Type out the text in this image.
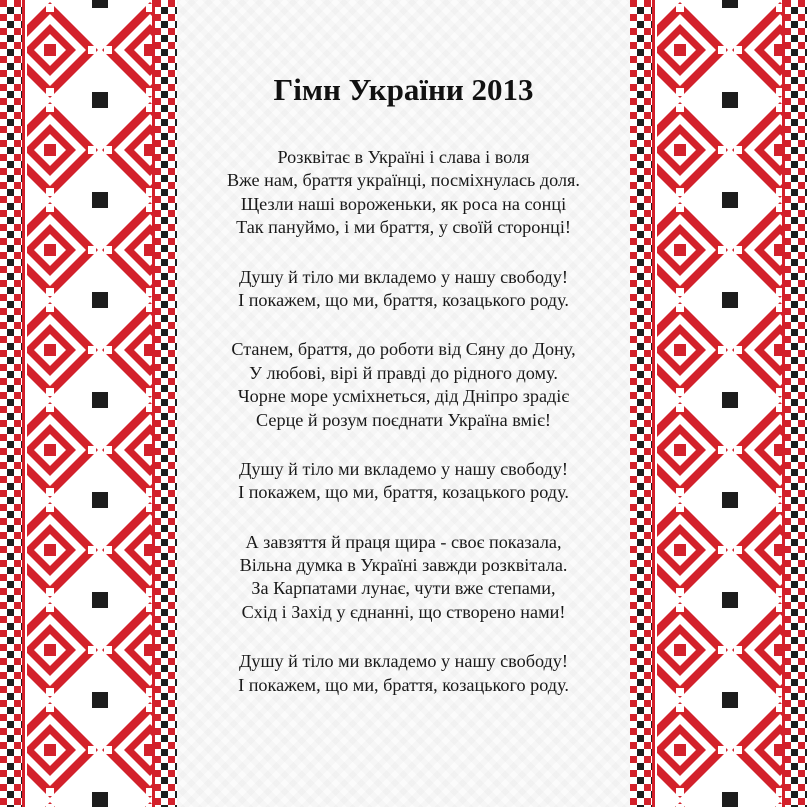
Гімн України 2013
Розквітає в Україні і слава і воля
Вже нам, браття українці, посміхнулась доля.
Щезли наші вороженьки, як роса на сонці
Так пануймо, і ми браття, у своїй сторонці!
Душу й тіло ми вкладемо у нашу свободу!
І покажем, що ми, браття, козацького роду.
Станем, браття, до роботи від Сяну до Дону,
У любові, вірі й правді до рідного дому.
Чорне море усміхнеться, дід Дніпро зрадіє
Серце й розум поєднати Україна вміє!
Душу й тіло ми вкладемо у нашу свободу!
І покажем, що ми, браття, козацького роду.
А завзяття й праця щира - своє показала,
Вільна думка в Україні завжди розквітала.
За Карпатами лунає, чути вже степами,
Схід і Захід у єднанні, що створено нами!
Душу й тіло ми вкладемо у нашу свободу!
І покажем, що ми, браття, козацького роду.
